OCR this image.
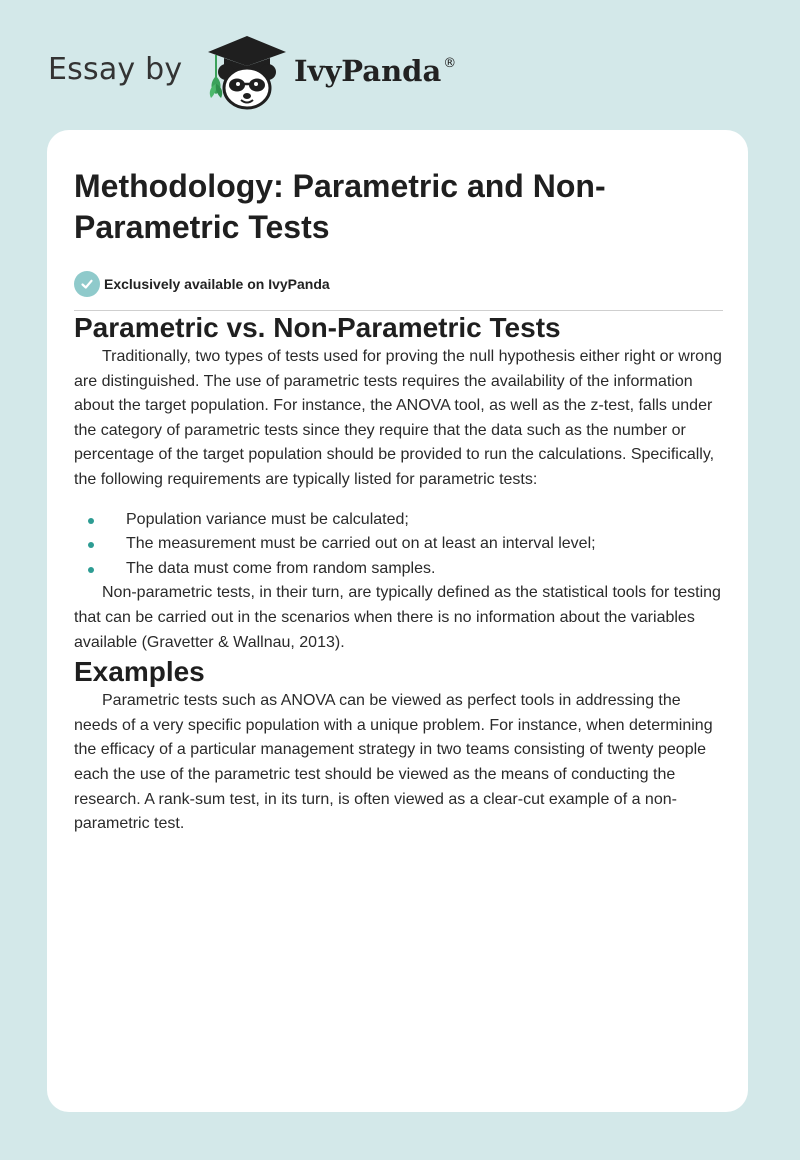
Essay by	IvyPanda ®
Methodology: Parametric and Non-Parametric Tests
Exclusively available on IvyPanda
Parametric vs. Non-Parametric Tests

Traditionally, two types of tests used for proving the null hypothesis either right or wrong are distinguished. The use of parametric tests requires the availability of the information about the target population. For instance, the ANOVA tool, as well as the z-test, falls under the category of parametric tests since they require that the data such as the number or percentage of the target population should be provided to run the calculations. Specifically, the following requirements are typically listed for parametric tests:

Population variance must be calculated;
The measurement must be carried out on at least an interval level;
The data must come from random samples.

Non-parametric tests, in their turn, are typically defined as the statistical tools for testing that can be carried out in the scenarios when there is no information about the variables available (Gravetter & Wallnau, 2013).

Examples

Parametric tests such as ANOVA can be viewed as perfect tools in addressing the needs of a very specific population with a unique problem. For instance, when determining the efficacy of a particular management strategy in two teams consisting of twenty people each the use of the parametric test should be viewed as the means of conducting the research. A rank-sum test, in its turn, is often viewed as a clear-cut example of a non-parametric test.
